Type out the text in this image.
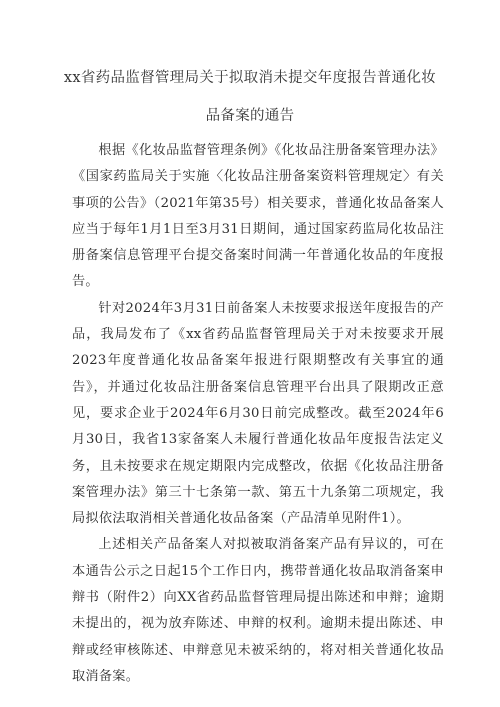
xx省药品监督管理局关于拟取消未提交年度报告普通化妆
品备案的通告

根据《化妆品监督管理条例》《化妆品注册备案管理办法》《国家药监局关于实施〈化妆品注册备案资料管理规定〉有关事项的公告》（2021年第35号）相关要求，普通化妆品备案人应当于每年1月1日至3月31日期间，通过国家药监局化妆品注册备案信息管理平台提交备案时间满一年普通化妆品的年度报告。

针对2024年3月31日前备案人未按要求报送年度报告的产品，我局发布了《xx省药品监督管理局关于对未按要求开展2023年度普通化妆品备案年报进行限期整改有关事宜的通告》，并通过化妆品注册备案信息管理平台出具了限期改正意见，要求企业于2024年6月30日前完成整改。截至2024年6月30日，我省13家备案人未履行普通化妆品年度报告法定义务，且未按要求在规定期限内完成整改，依据《化妆品注册备案管理办法》第三十七条第一款、第五十九条第二项规定，我局拟依法取消相关普通化妆品备案（产品清单见附件1）。

上述相关产品备案人对拟被取消备案产品有异议的，可在本通告公示之日起15个工作日内，携带普通化妆品取消备案申辩书（附件2）向XX省药品监督管理局提出陈述和申辩；逾期未提出的，视为放弃陈述、申辩的权利。逾期未提出陈述、申辩或经审核陈述、申辩意见未被采纳的，将对相关普通化妆品取消备案。
